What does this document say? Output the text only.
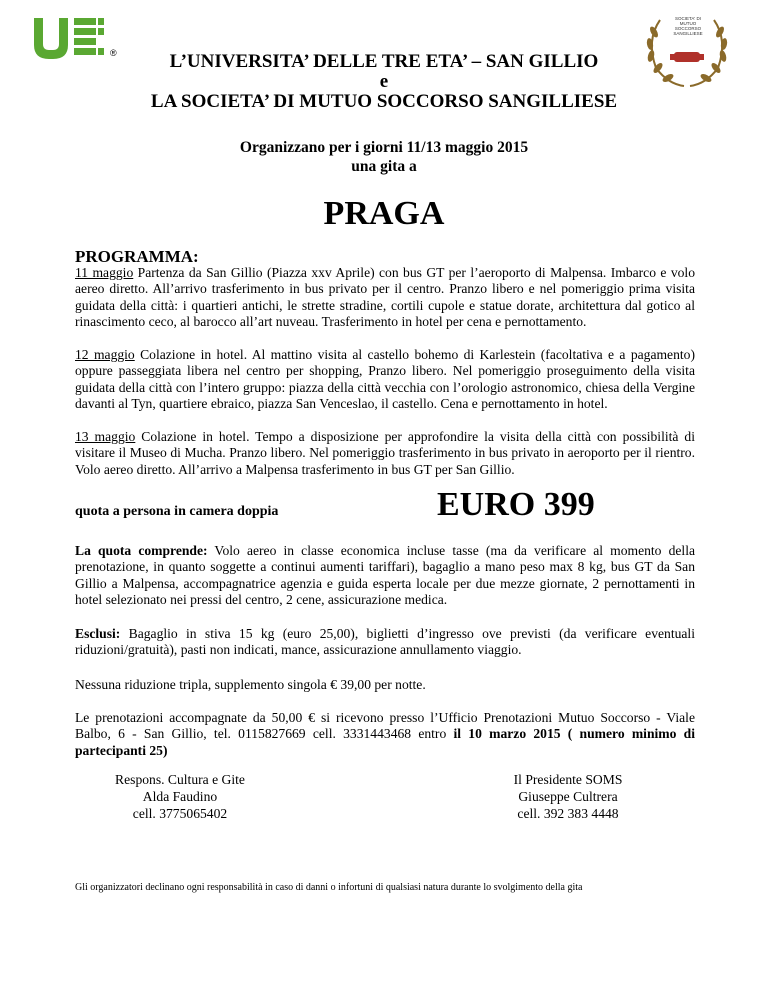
®
SOCIETA' DI MUTUO SOCCORSO SANGILLIESE
L’UNIVERSITA’ DELLE TRE ETA’ – SAN GILLIO
e
LA SOCIETA’ DI MUTUO SOCCORSO SANGILLIESE
Organizzano per i giorni 11/13 maggio 2015
una gita a
PRAGA
PROGRAMMA:
11 maggio Partenza da San Gillio (Piazza xxv Aprile) con bus GT per l’aeroporto di Malpensa. Imbarco e volo aereo diretto. All’arrivo trasferimento in bus privato per il centro. Pranzo libero e nel pomeriggio prima visita guidata della città: i quartieri antichi, le strette stradine, cortili cupole e statue dorate, architettura dal gotico al rinascimento ceco, al barocco all’art nuveau. Trasferimento in hotel per cena e pernottamento.
12 maggio Colazione in hotel. Al mattino visita al castello bohemo di Karlestein (facoltativa e a pagamento) oppure passeggiata libera nel centro per shopping, Pranzo libero. Nel pomeriggio proseguimento della visita guidata della città con l’intero gruppo: piazza della città vecchia con l’orologio astronomico, chiesa della Vergine davanti al Tyn, quartiere ebraico, piazza San Venceslao, il castello. Cena e pernottamento in hotel.
13 maggio Colazione in hotel. Tempo a disposizione per approfondire la visita della città con possibilità di visitare il Museo di Mucha. Pranzo libero. Nel pomeriggio trasferimento in bus privato in aeroporto per il rientro. Volo aereo diretto. All’arrivo a Malpensa trasferimento in bus GT per San Gillio.
quota a persona in camera doppia	EURO 399
La quota comprende: Volo aereo in classe economica incluse tasse (ma da verificare al momento della prenotazione, in quanto soggette a continui aumenti tariffari), bagaglio a mano peso max 8 kg, bus GT da San Gillio a Malpensa, accompagnatrice agenzia e guida esperta locale per due mezze giornate, 2 pernottamenti in hotel selezionato nei pressi del centro, 2 cene, assicurazione medica.
Esclusi: Bagaglio in stiva 15 kg (euro 25,00), biglietti d’ingresso ove previsti (da verificare eventuali riduzioni/gratuità), pasti non indicati, mance, assicurazione annullamento viaggio.
Nessuna riduzione tripla, supplemento singola € 39,00 per notte.
Le prenotazioni accompagnate da 50,00 € si ricevono presso l’Ufficio Prenotazioni Mutuo Soccorso - Viale Balbo, 6 - San Gillio, tel. 0115827669 cell. 3331443468 entro il 10 marzo 2015 ( numero minimo di partecipanti 25)
Respons. Cultura e Gite
Alda Faudino
cell. 3775065402
Il Presidente SOMS
Giuseppe Cultrera
cell. 392 383 4448
Gli organizzatori declinano ogni responsabilità in caso di danni o infortuni di qualsiasi natura durante lo svolgimento della gita
